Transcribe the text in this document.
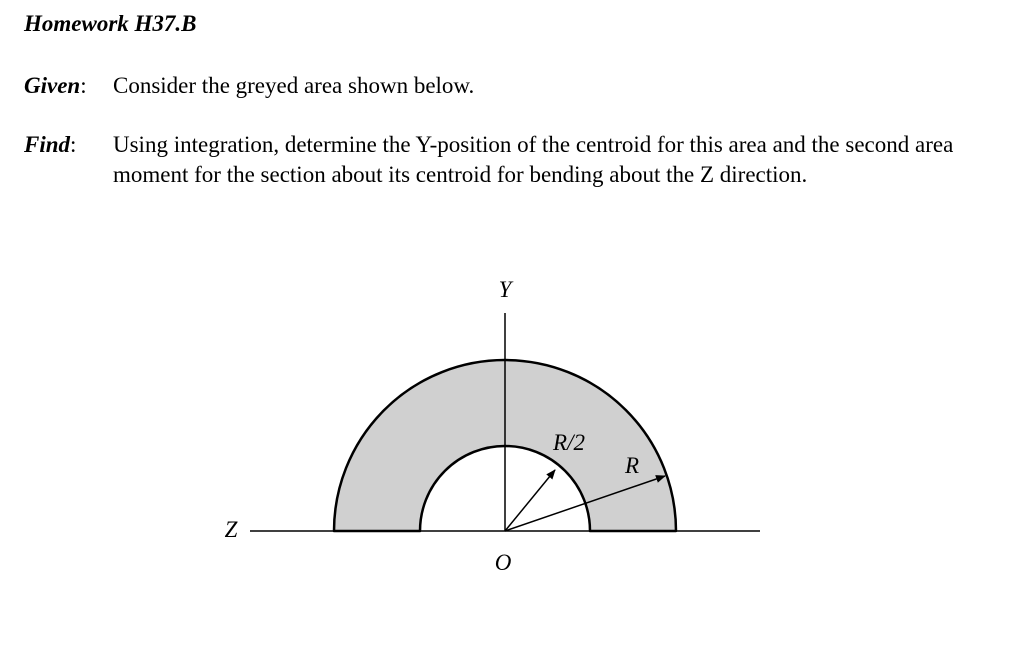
Homework H37.B
Given: Consider the greyed area shown below.
Find: Using integration, determine the Y-position of the centroid for this area and the second area moment for the section about its centroid for bending about the Z direction.
Y
Z
O
R/2
R
